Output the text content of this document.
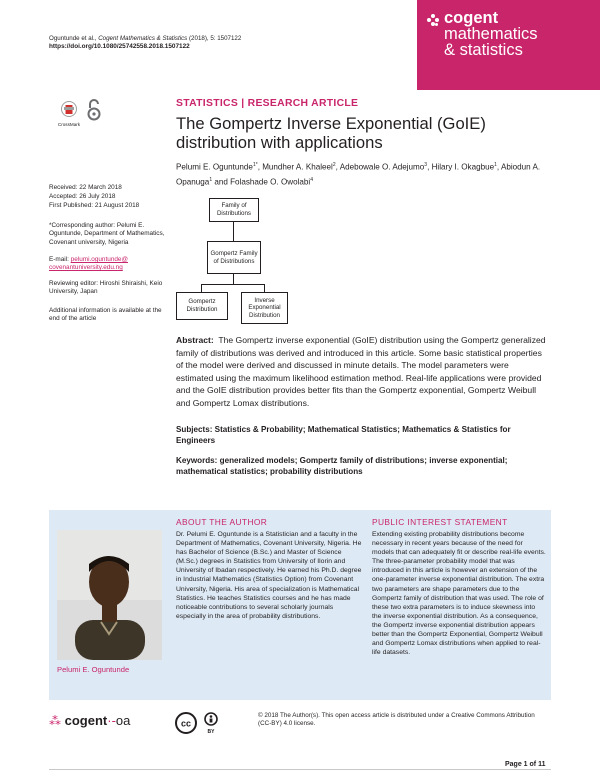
Oguntunde et al., Cogent Mathematics & Statistics (2018), 5: 1507122
https://doi.org/10.1080/25742558.2018.1507122
cogent
mathematics
& statistics
CrossMark
STATISTICS | RESEARCH ARTICLE
The Gompertz Inverse Exponential (GoIE) distribution with applications
Pelumi E. Oguntunde$^{1*}$, Mundher A. Khaleel$^2$, Adebowale O. Adejumo$^3$, Hilary I. Okagbue$^1$, Abiodun A. Opanuga$^1$ and Folashade O. Owolabi$^4$
Received: 22 March 2018
Accepted: 26 July 2018
First Published: 21 August 2018
*Corresponding author: Pelumi E. Oguntunde, Department of Mathematics, Covenant university, Nigeria
E-mail: pelumi.oguntunde@ covenantuniversity.edu.ng
Reviewing editor: Hiroshi Shiraishi, Keio University, Japan
Additional information is available at the end of the article
Family of Distributions
Gompertz Family of Distributions
Gompertz Distribution
Inverse Exponential Distribution
Abstract: The Gompertz inverse exponential (GoIE) distribution using the Gompertz generalized family of distributions was derived and introduced in this article. Some basic statistical properties of the model were derived and discussed in minute details. The model parameters were estimated using the maximum likelihood estimation method. Real-life applications were provided and the GoIE distribution provides better fits than the Gompertz exponential, Gompertz Weibull and Gompertz Lomax distributions.
Subjects: Statistics & Probability; Mathematical Statistics; Mathematics & Statistics for Engineers
Keywords: generalized models; Gompertz family of distributions; inverse exponential; mathematical statistics; probability distributions
ABOUT THE AUTHOR	PUBLIC INTEREST STATEMENT
Pelumi E. Oguntunde
Dr. Pelumi E. Oguntunde is a Statistician and a faculty in the Department of Mathematics, Covenant University, Nigeria. He has Bachelor of Science (B.Sc.) and Master of Science (M.Sc.) degrees in Statistics from University of Ilorin and University of Ibadan respectively. He earned his Ph.D. degree in Industrial Mathematics (Statistics Option) from Covenant University, Nigeria. His area of specialization is Mathematical Statistics. He teaches Statistics courses and he has made noticeable contributions to several scholarly journals especially in the area of probability distributions.
Extending existing probability distributions become necessary in recent years because of the need for models that can adequately fit or describe real-life events. The three-parameter probability model that was introduced in this article is however an extension of the one-parameter inverse exponential distribution. The extra two parameters are shape parameters due to the Gompertz family of distribution that was used. The role of these two extra parameters is to induce skewness into the inverse exponential distribution. As a consequence, the Gompertz inverse exponential distribution appears better than the Gompertz Exponential, Gompertz Weibull and Gompertz Lomax distributions when applied to real-life datasets.
⁂ cogent·-oa	cc
BY
© 2018 The Author(s). This open access article is distributed under a Creative Commons Attribution (CC-BY) 4.0 license.
Page 1 of 11
